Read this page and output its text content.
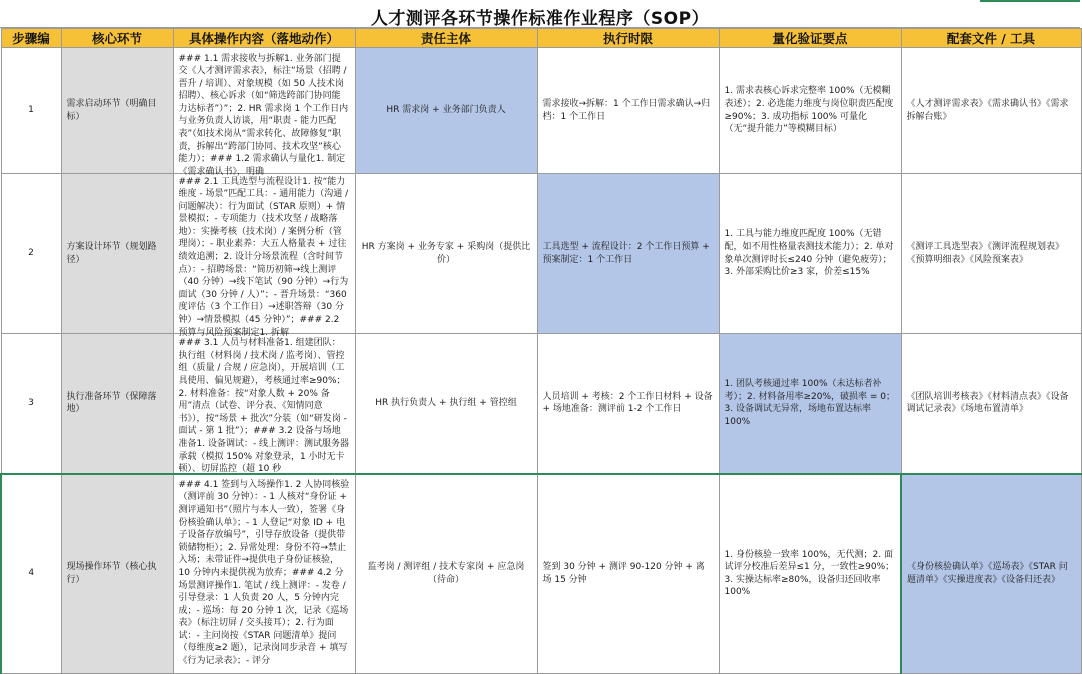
人才测评各环节操作标准作业程序（SOP）
步骤编	核心环节	具体操作内容（落地动作）	责任主体	执行时限	量化验证要点	配套文件 / 工具
1	需求启动环节（明确目标）	### 1.1 需求接收与拆解1. 业务部门提交《人才测评需求表》，标注“场景（招聘 / 晋升 / 培训）、对象规模（如 50 人技术岗招聘）、核心诉求（如“筛选跨部门协同能力达标者”）”；2. HR 需求岗 1 个工作日内与业务负责人访谈，用“职责 - 能力匹配表”（如技术岗从“需求转化、故障修复”职责，拆解出“跨部门协同、技术攻坚”核心能力）；### 1.2 需求确认与量化1. 制定《需求确认书》，明确	HR 需求岗 + 业务部门负责人	需求接收→拆解：1 个工作日需求确认→归档：1 个工作日	1. 需求表核心诉求完整率 100%（无模糊表述）；2. 必选能力维度与岗位职责匹配度≥90%；3. 成功指标 100% 可量化（无“提升能力”等模糊目标）	《人才测评需求表》《需求确认书》《需求拆解台账》
2	方案设计环节（规划路径）	### 2.1 工具选型与流程设计1. 按“能力维度 - 场景”匹配工具：- 通用能力（沟通 / 问题解决）：行为面试（STAR 原则）+ 情景模拟；- 专项能力（技术攻坚 / 战略落地）：实操考核（技术岗）/ 案例分析（管理岗）；- 职业素养：大五人格量表 + 过往绩效追溯；2. 设计分场景流程（含时间节点）：- 招聘场景：“简历初筛→线上测评（40 分钟）→线下笔试（90 分钟）→行为面试（30 分钟 / 人）”；- 晋升场景：“360 度评估（3 个工作日）→述职答辩（30 分钟）→情景模拟（45 分钟）”；### 2.2 预算与风险预案制定1. 拆解	HR 方案岗 + 业务专家 + 采购岗（提供比价）	工具选型 + 流程设计：2 个工作日预算 + 预案制定：1 个工作日	1. 工具与能力维度匹配度 100%（无错配，如不用性格量表测技术能力）；2. 单对象单次测评时长≤240 分钟（避免疲劳）；3. 外部采购比价≥3 家，价差≤15%	《测评工具选型表》《测评流程规划表》《预算明细表》《风险预案表》
3	执行准备环节（保障落地）	### 3.1 人员与材料准备1. 组建团队：执行组（材料岗 / 技术岗 / 监考岗）、管控组（质量 / 合规 / 应急岗），开展培训（工具使用、偏见规避），考核通过率≥90%；2. 材料准备：按“对象人数 + 20% 备用”清点（试卷、评分表、《知情同意书》），按“场景 + 批次”分装（如“研发岗 - 面试 - 第 1 批”）；### 3.2 设备与场地准备1. 设备调试：- 线上测评：测试服务器承载（模拟 150% 对象登录，1 小时无卡顿）、切屏监控（超 10 秒	HR 执行负责人 + 执行组 + 管控组	人员培训 + 考核：2 个工作日材料 + 设备 + 场地准备：测评前 1-2 个工作日	1. 团队考核通过率 100%（未达标者补考）；2. 材料备用率≥20%，破损率 = 0；3. 设备调试无异常，场地布置达标率 100%	《团队培训考核表》《材料清点表》《设备调试记录表》《场地布置清单》
4	现场操作环节（核心执行）	### 4.1 签到与入场操作1. 2 人协同核验（测评前 30 分钟）：- 1 人核对“身份证 + 测评通知书”（照片与本人一致），签署《身份核验确认单》；- 1 人登记“对象 ID + 电子设备存放编号”，引导存放设备（提供带锁储物柜）；2. 异常处理：身份不符→禁止入场；未带证件→提供电子身份证核验，10 分钟内未提供视为放弃；### 4.2 分场景测评操作1. 笔试 / 线上测评：- 发卷 / 引导登录：1 人负责 20 人，5 分钟内完成；- 巡场：每 20 分钟 1 次，记录《巡场表》（标注切屏 / 交头接耳）；2. 行为面试：- 主问岗按《STAR 问题清单》提问（每维度≥2 题），记录岗同步录音 + 填写《行为记录表》；- 评分	监考岗 / 测评组 / 技术专家岗 + 应急岗（待命）	签到 30 分钟 + 测评 90-120 分钟 + 离场 15 分钟	1. 身份核验一致率 100%，无代测；2. 面试评分校准后差异≤1 分，一致性≥90%；3. 实操达标率≥80%，设备归还回收率 100%	《身份核验确认单》《巡场表》《STAR 问题清单》《实操进度表》《设备归还表》
